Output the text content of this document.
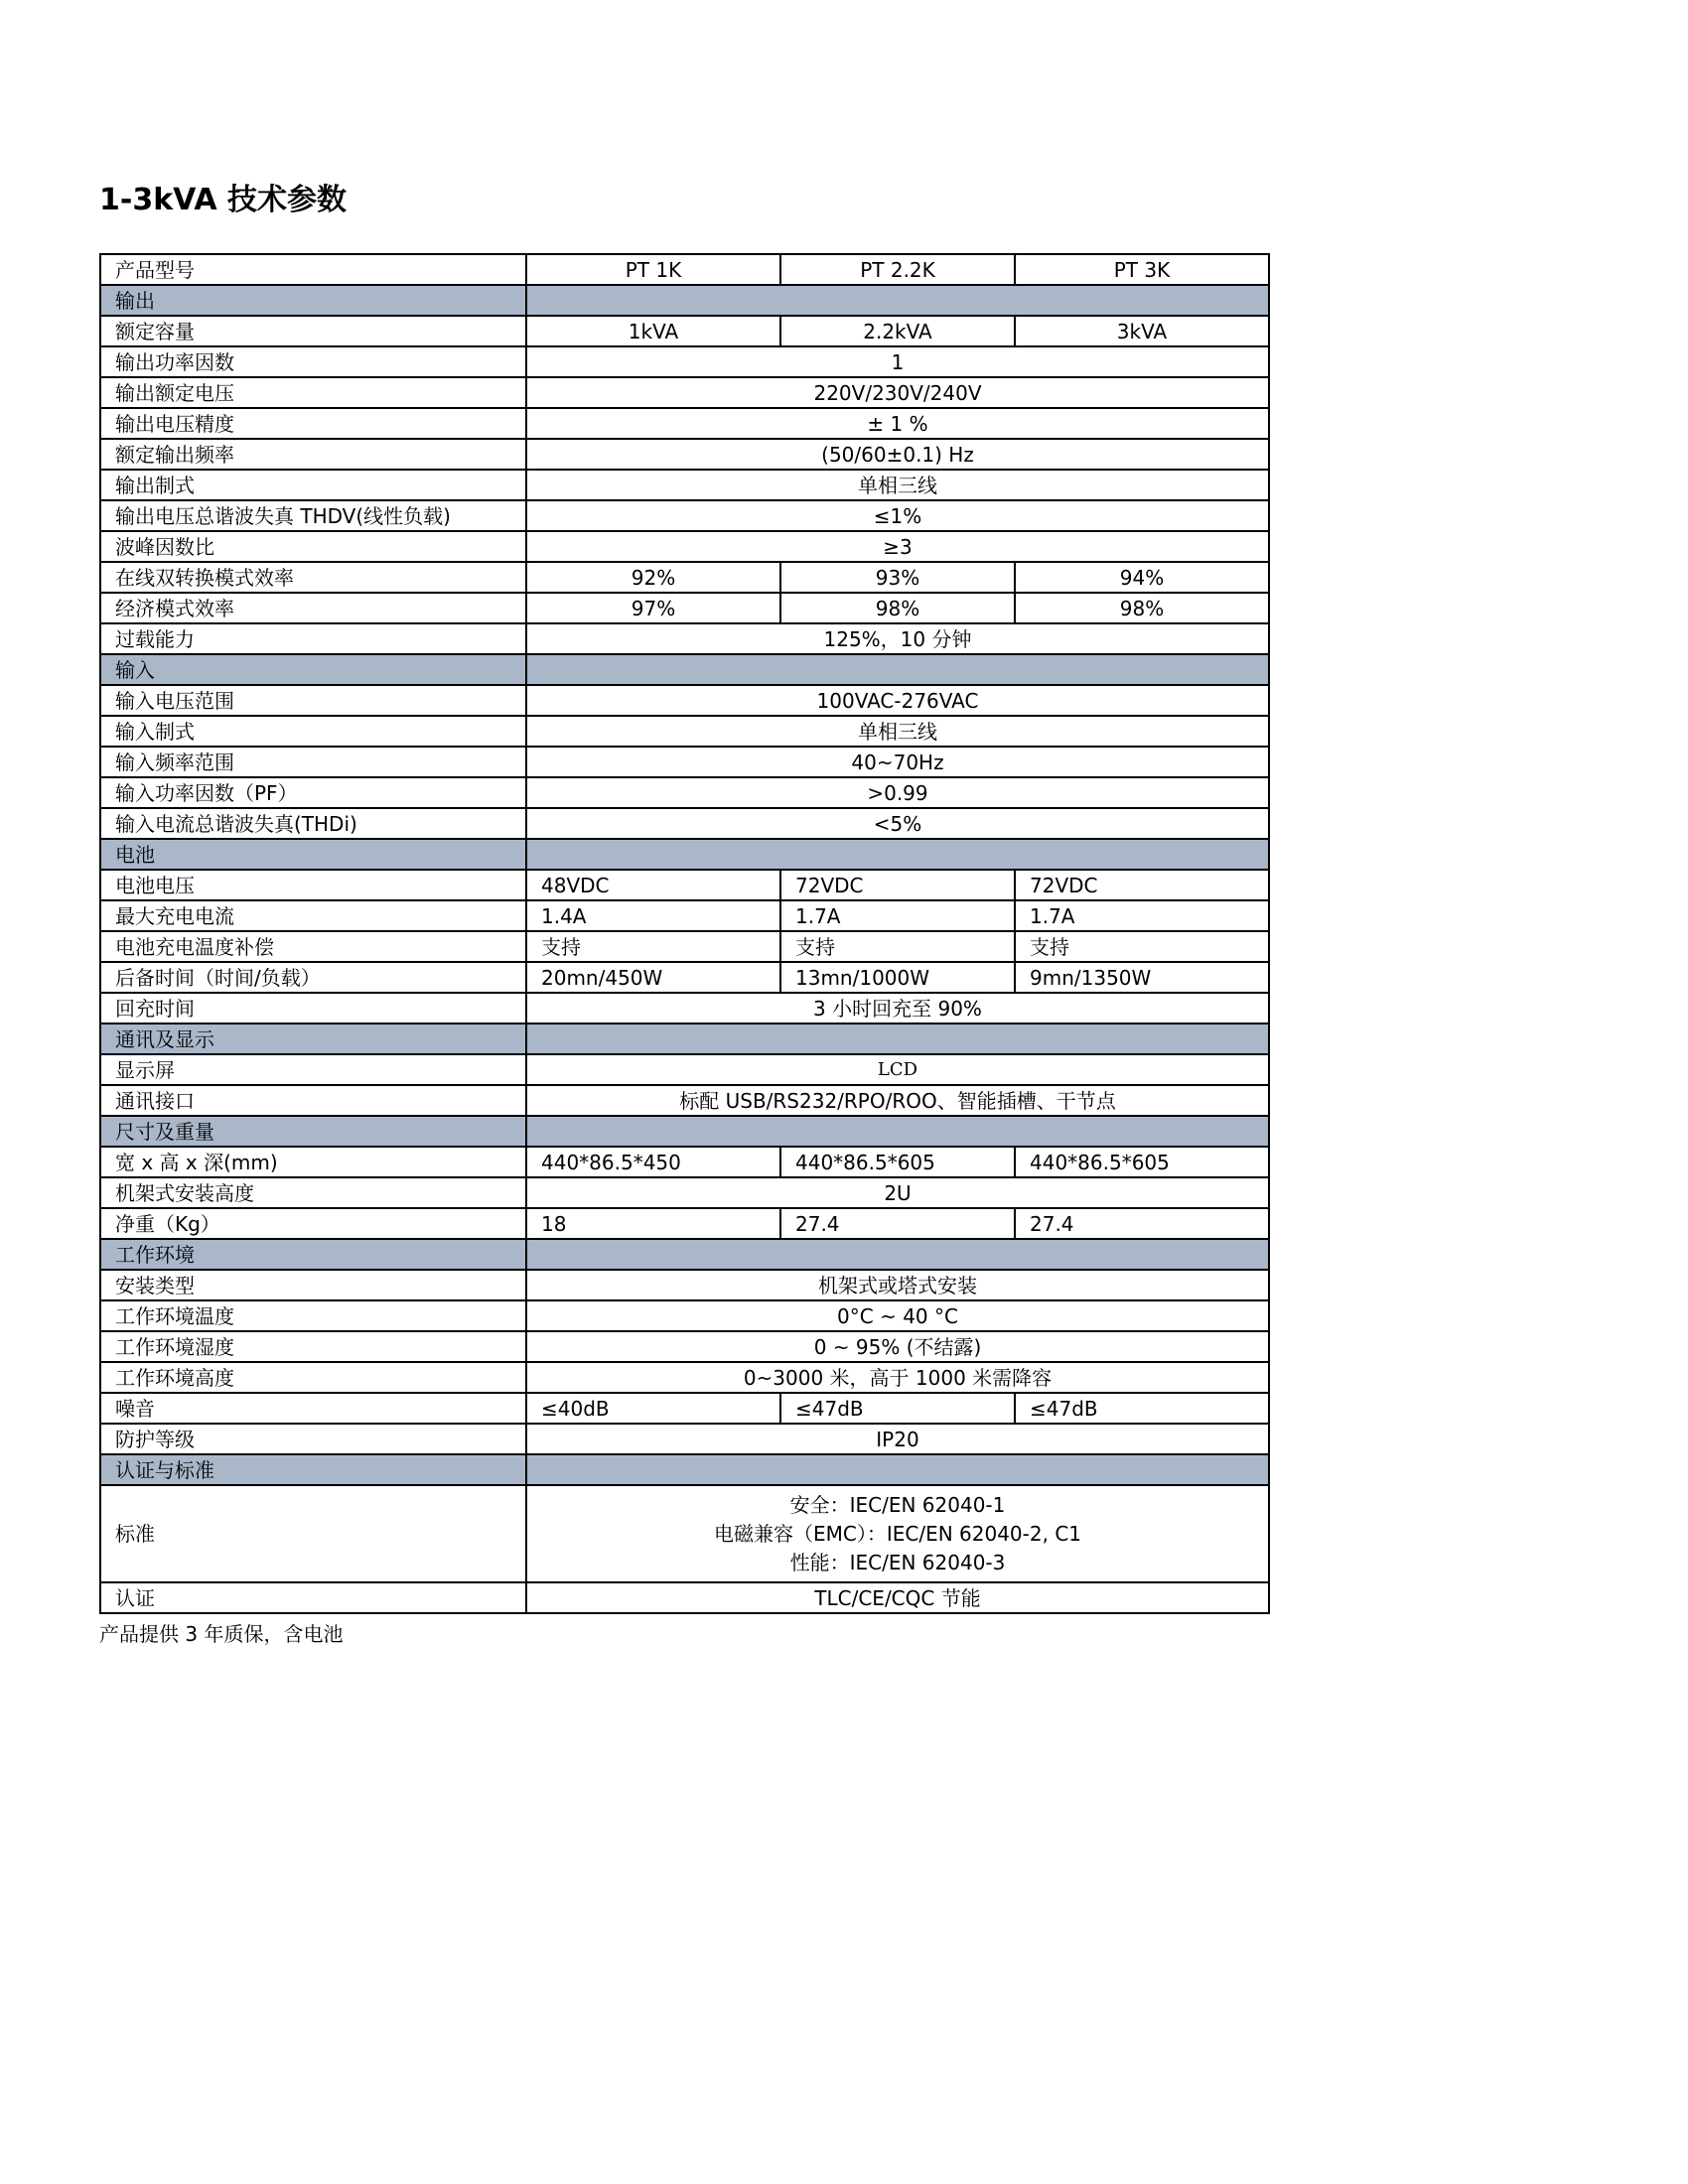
1-3kVA 技术参数
产品型号	PT 1K	PT 2.2K	PT 3K
输出			
额定容量	1kVA	2.2kVA	3kVA
输出功率因数	1		
输出额定电压	220V/230V/240V		
输出电压精度	± 1 %		
额定输出频率	(50/60±0.1) Hz		
输出制式	单相三线		
输出电压总谐波失真 THDV(线性负载)	≤1%		
波峰因数比	≥3		
在线双转换模式效率	92%	93%	94%
经济模式效率	97%	98%	98%
过载能力	125%，10 分钟		
输入			
输入电压范围	100VAC-276VAC		
输入制式	单相三线		
输入频率范围	40~70Hz		
输入功率因数（PF）	>0.99		
输入电流总谐波失真(THDi)	<5%		
电池			
电池电压	48VDC	72VDC	72VDC
最大充电电流	1.4A	1.7A	1.7A
电池充电温度补偿	支持	支持	支持
后备时间（时间/负载）	20mn/450W	13mn/1000W	9mn/1350W
回充时间	3 小时回充至 90%		
通讯及显示			
显示屏	LCD		
通讯接口	标配 USB/RS232/RPO/ROO、智能插槽、干节点		
尺寸及重量			
宽 x 高 x 深(mm)	440*86.5*450	440*86.5*605	440*86.5*605
机架式安装高度	2U		
净重（Kg）	18	27.4	27.4
工作环境			
安装类型	机架式或塔式安装		
工作环境温度	0°C ~ 40 °C		
工作环境湿度	0 ~ 95% (不结露)		
工作环境高度	0~3000 米，高于 1000 米需降容		
噪音	≤40dB	≤47dB	≤47dB
防护等级	IP20		
认证与标准			
标准	安全：IEC/EN 62040-1
电磁兼容（EMC）：IEC/EN 62040-2, C1
性能：IEC/EN 62040-3		

认证	TLC/CE/CQC 节能		
产品提供 3 年质保，含电池
